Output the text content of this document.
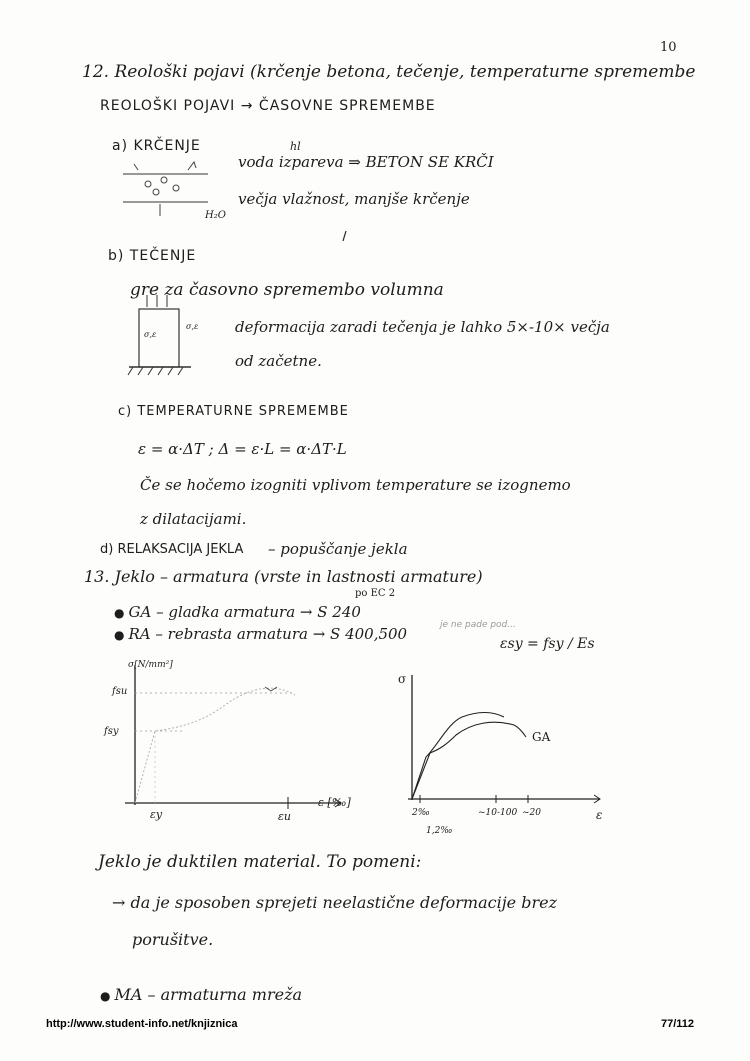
10
12. Reološki pojavi (krčenje betona, tečenje, temperaturne spremembe
REOLOŠKI POJAVI → ČASOVNE SPREMEMBE
a) KRČENJE	hl
voda izpareva ⇒ BETON SE KRČI
večja vlažnost, manjše krčenje
H₂O
b) TEČENJE
gre za časovno spremembo volumna
σ,ε
σ,ε deformacija zaradi tečenja je lahko 5×-10× večja
od začetne.
c) TEMPERATURNE SPREMEMBE
ε = α·ΔT ; Δ = ε·L = α·ΔT·L
Če se hočemo izogniti vplivom temperature se izognemo
z dilatacijami.
d) RELAKSACIJA JEKLA – popuščanje jekla
13. Jeklo – armatura (vrste in lastnosti armature)
po EC 2
● GA – gladka armatura → S 240
● RA – rebrasta armatura → S 400,500	je ne pade pod...
εsy = fsy / Es
σ[N/mm²]
fsu
fsy
εy	εu
ε [‰]
σ
GA
2‰	~10-100 ~20	ε
1,2‰
Jeklo je duktilen material. To pomeni:
→ da je sposoben sprejeti neelastične deformacije brez
porušitve.
● MA – armaturna mreža
http://www.student-info.net/knjiznica	77/112
